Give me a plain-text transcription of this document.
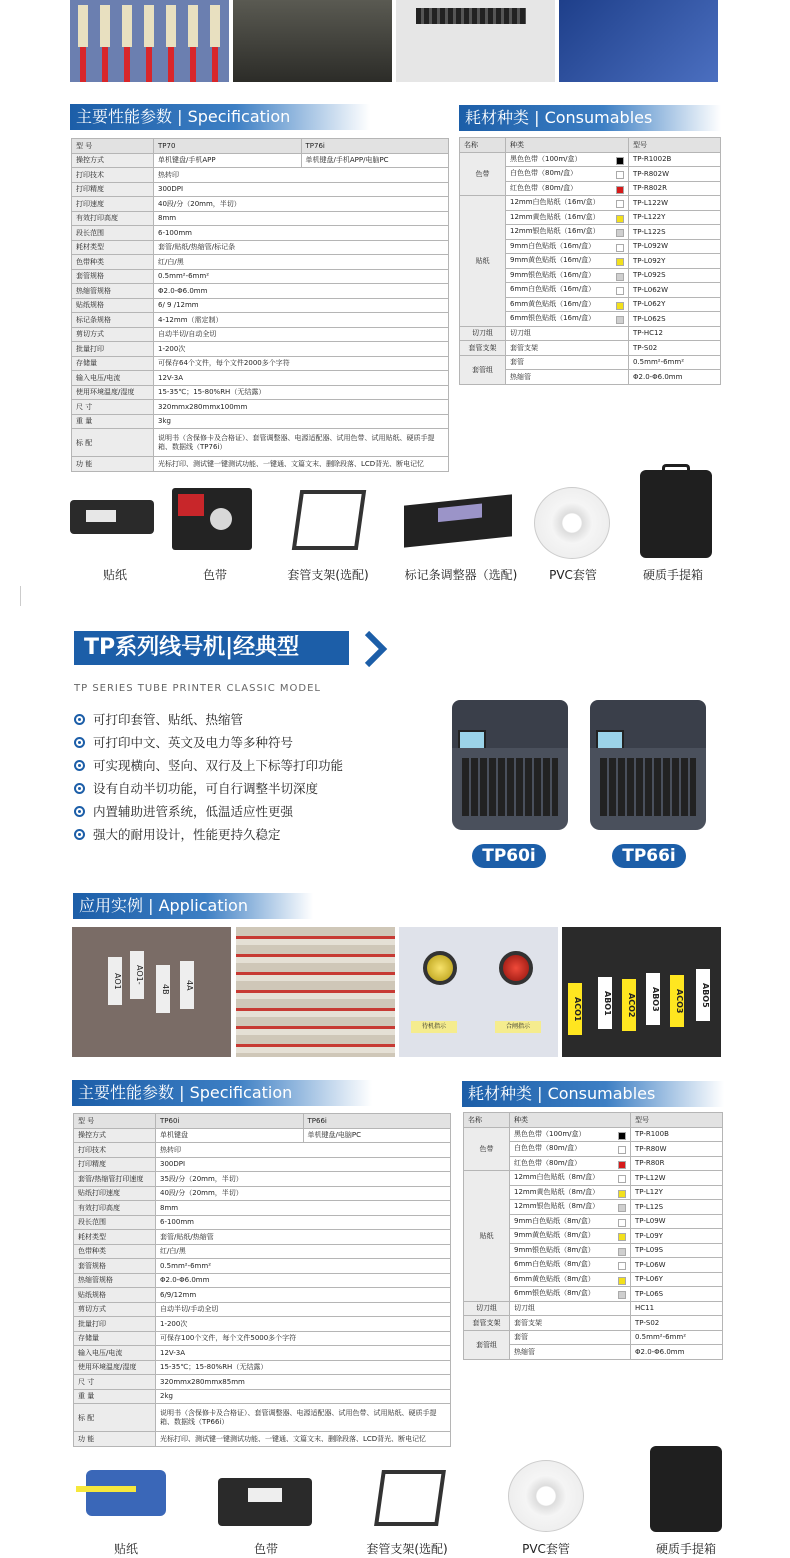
主要性能参数 | Specification
型 号	TP70	TP76i
操控方式	单机键盘/手机APP	单机键盘/手机APP/电脑PC
打印技术	热转印	
打印精度	300DPI	
打印速度	40段/分（20mm，半切）	
有效打印高度	8mm	
段长范围	6-100mm	
耗材类型	套管/贴纸/热缩管/标记条	
色带种类	红/白/黑	
套管规格	0.5mm²-6mm²	
热缩管规格	Φ2.0-Φ6.0mm	
贴纸规格	6/ 9 /12mm	
标记条规格	4-12mm（需定制）	
剪切方式	自动半切/自动全切	
批量打印	1-200次	
存储量	可保存64个文件，每个文件2000多个字符	
输入电压/电流	12V-3A	
使用环境温度/湿度	15-35℃；15-80%RH（无结露）	
尺 寸	320mmx280mmx100mm	
重 量	3kg	
标 配	说明书（含保修卡及合格证）、套管调整器、电源适配器、试用色带、试用贴纸、硬质手提箱、数据线（TP76i）	
功 能	光标打印、测试键一键测试功能、一键通、文篇文末、删除段落、LCD背光、断电记忆	
耗材种类 | Consumables
名称	种类	型号
色带	黑色色带（100m/盒）	TP-R1002B
	白色色带（80m/盒）	TP-R802W
	红色色带（80m/盒）	TP-R802R
贴纸	12mm白色贴纸（16m/盒）	TP-L122W
	12mm黄色贴纸（16m/盒）	TP-L122Y
	12mm银色贴纸（16m/盒）	TP-L122S
	9mm白色贴纸（16m/盒）	TP-L092W
	9mm黄色贴纸（16m/盒）	TP-L092Y
	9mm银色贴纸（16m/盒）	TP-L092S
	6mm白色贴纸（16m/盒）	TP-L062W
	6mm黄色贴纸（16m/盒）	TP-L062Y
	6mm银色贴纸（16m/盒）	TP-L062S
切刀组	切刀组	TP-HC12
套管支架	套管支架	TP-S02
套管组	套管	0.5mm²-6mm²
	热缩管	Φ2.0-Φ6.0mm
贴纸	色带	套管支架(选配)	标记条调整器（选配)	PVC套管	硬质手提箱
TP系列线号机|经典型
TP SERIES TUBE PRINTER CLASSIC MODEL
可打印套管、贴纸、热缩管
可打印中文、英文及电力等多种符号
可实现横向、竖向、双行及上下标等打印功能
设有自动半切功能，可自行调整半切深度
内置辅助进管系统，低温适应性更强
强大的耐用设计，性能更持久稳定
TP60i	TP66i
应用实例 | Application
AO1	AO1-
4B	4A
待机指示	合闸指示
ACO1	ABO1	ACO2	ABO3	ACO3	ABO5
主要性能参数 | Specification
型 号	TP60i	TP66i
操控方式	单机键盘	单机键盘/电脑PC
打印技术	热转印	
打印精度	300DPI	
套管/热缩管打印速度	35段/分（20mm，半切）	
贴纸打印速度	40段/分（20mm，半切）	
有效打印高度	8mm	
段长范围	6-100mm	
耗材类型	套管/贴纸/热缩管	
色带种类	红/白/黑	
套管规格	0.5mm²-6mm²	
热缩管规格	Φ2.0-Φ6.0mm	
贴纸规格	6/9/12mm	
剪切方式	自动半切/手动全切	
批量打印	1-200次	
存储量	可保存100个文件，每个文件5000多个字符	
输入电压/电流	12V-3A	
使用环境温度/湿度	15-35℃；15-80%RH（无结露）	
尺 寸	320mmx280mmx85mm	
重 量	2kg	
标 配	说明书（含保修卡及合格证）、套管调整器、电源适配器、试用色带、试用贴纸、硬质手提箱、数据线（TP66i）	
功 能	光标打印、测试键一键测试功能、一键通、文篇文末、删除段落、LCD背光、断电记忆	
耗材种类 | Consumables
名称	种类	型号
色带	黑色色带（100m/盒）	TP-R100B
	白色色带（80m/盒）	TP-R80W
	红色色带（80m/盒）	TP-R80R
贴纸	12mm白色贴纸（8m/盒）	TP-L12W
	12mm黄色贴纸（8m/盒）	TP-L12Y
	12mm银色贴纸（8m/盒）	TP-L12S
	9mm白色贴纸（8m/盒）	TP-L09W
	9mm黄色贴纸（8m/盒）	TP-L09Y
	9mm银色贴纸（8m/盒）	TP-L09S
	6mm白色贴纸（8m/盒）	TP-L06W
	6mm黄色贴纸（8m/盒）	TP-L06Y
	6mm银色贴纸（8m/盒）	TP-L06S
切刀组	切刀组	HC11
套管支架	套管支架	TP-S02
套管组	套管	0.5mm²-6mm²
	热缩管	Φ2.0-Φ6.0mm
贴纸	色带	套管支架(选配)	PVC套管	硬质手提箱
